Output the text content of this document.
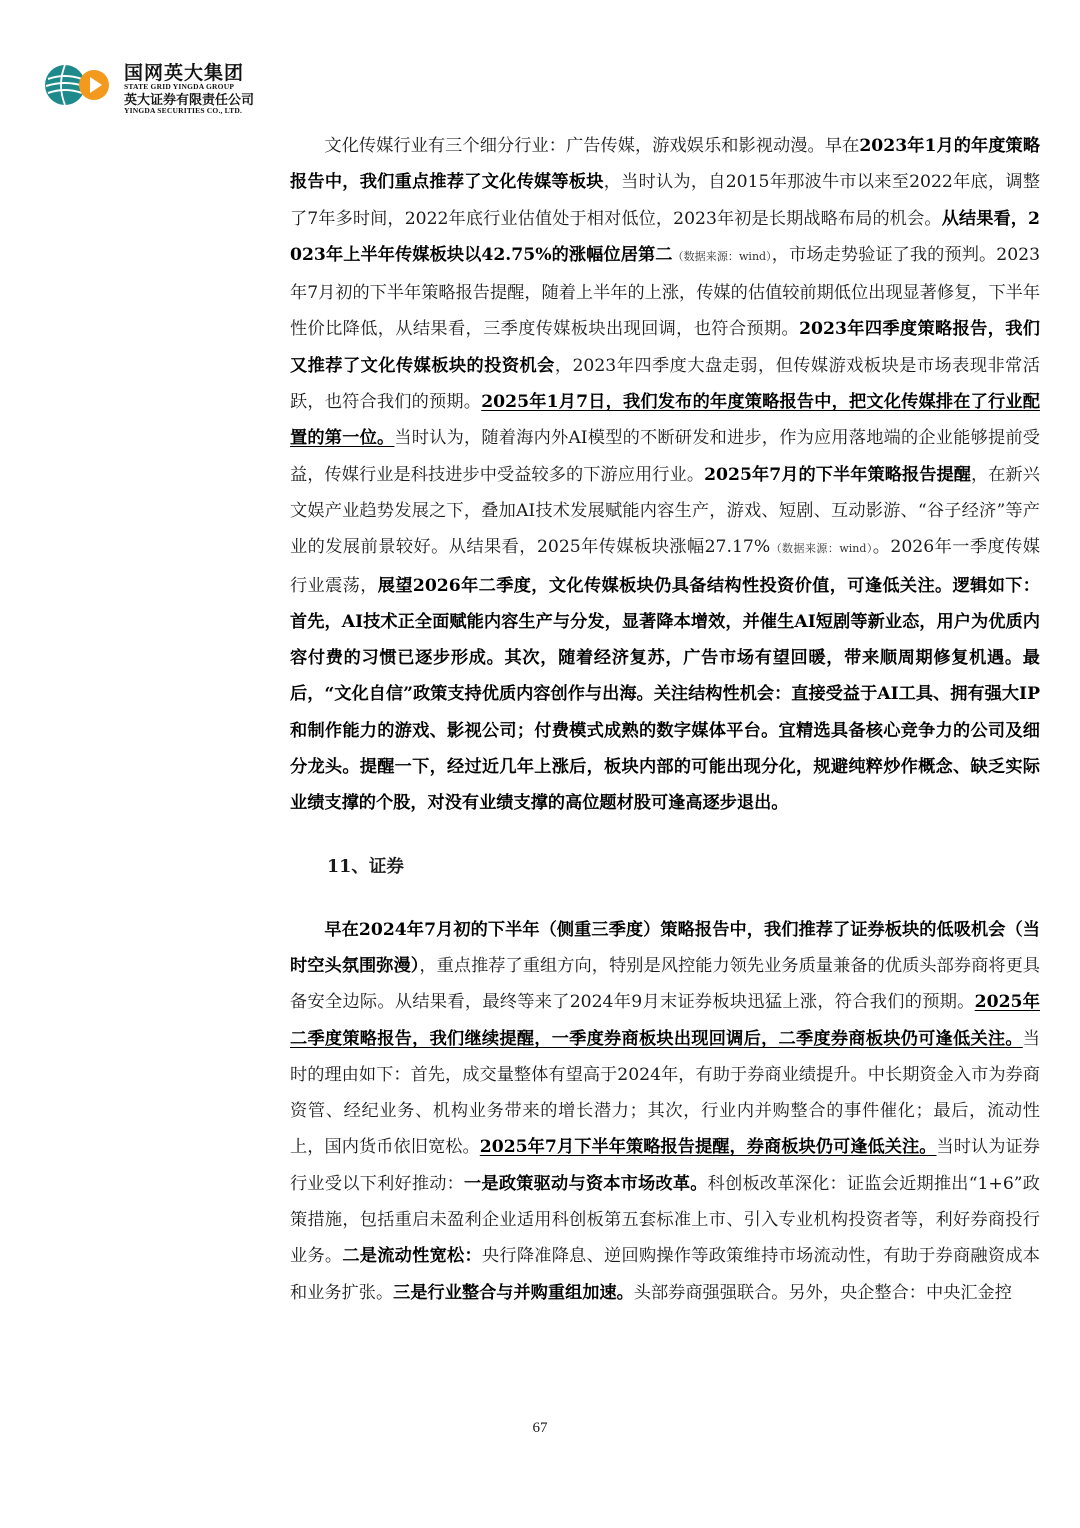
国网英大集团
STATE GRID YINGDA GROUP
英大证券有限责任公司
YINGDA SECURITIES CO., LTD.

文化传媒行业有三个细分行业：广告传媒，游戏娱乐和影视动漫。早在2023年1月的年度策略报告中，我们重点推荐了文化传媒等板块，当时认为，自2015年那波牛市以来至2022年底，调整了7年多时间，2022年底行业估值处于相对低位，2023年初是长期战略布局的机会。从结果看，2023年上半年传媒板块以42.75%的涨幅位居第二（数据来源：wind），市场走势验证了我的预判。2023年7月初的下半年策略报告提醒，随着上半年的上涨，传媒的估值较前期低位出现显著修复，下半年性价比降低，从结果看，三季度传媒板块出现回调，也符合预期。2023年四季度策略报告，我们又推荐了文化传媒板块的投资机会，2023年四季度大盘走弱，但传媒游戏板块是市场表现非常活跃，也符合我们的预期。2025年1月7日，我们发布的年度策略报告中，把文化传媒排在了行业配置的第一位。当时认为，随着海内外AI模型的不断研发和进步，作为应用落地端的企业能够提前受益，传媒行业是科技进步中受益较多的下游应用行业。2025年7月的下半年策略报告提醒，在新兴文娱产业趋势发展之下，叠加AI技术发展赋能内容生产，游戏、短剧、互动影游、“谷子经济”等产业的发展前景较好。从结果看，2025年传媒板块涨幅27.17%（数据来源：wind）。2026年一季度传媒行业震荡，展望2026年二季度，文化传媒板块仍具备结构性投资价值，可逢低关注。逻辑如下：首先，AI技术正全面赋能内容生产与分发，显著降本增效，并催生AI短剧等新业态，用户为优质内容付费的习惯已逐步形成。其次，随着经济复苏，广告市场有望回暖，带来顺周期修复机遇。最后，“文化自信”政策支持优质内容创作与出海。关注结构性机会：直接受益于AI工具、拥有强大IP和制作能力的游戏、影视公司；付费模式成熟的数字媒体平台。宜精选具备核心竞争力的公司及细分龙头。提醒一下，经过近几年上涨后，板块内部的可能出现分化，规避纯粹炒作概念、缺乏实际业绩支撑的个股，对没有业绩支撑的高位题材股可逢高逐步退出。

11、证券

早在2024年7月初的下半年（侧重三季度）策略报告中，我们推荐了证券板块的低吸机会（当时空头氛围弥漫），重点推荐了重组方向，特别是风控能力领先业务质量兼备的优质头部券商将更具备安全边际。从结果看，最终等来了2024年9月末证券板块迅猛上涨，符合我们的预期。2025年二季度策略报告，我们继续提醒，一季度券商板块出现回调后，二季度券商板块仍可逢低关注。当时的理由如下：首先，成交量整体有望高于2024年，有助于券商业绩提升。中长期资金入市为券商资管、经纪业务、机构业务带来的增长潜力；其次，行业内并购整合的事件催化；最后，流动性上，国内货币依旧宽松。2025年7月下半年策略报告提醒，券商板块仍可逢低关注。当时认为证券行业受以下利好推动：一是政策驱动与资本市场改革。科创板改革深化：证监会近期推出“1+6”政策措施，包括重启未盈利企业适用科创板第五套标准上市、引入专业机构投资者等，利好券商投行业务。二是流动性宽松：央行降准降息、逆回购操作等政策维持市场流动性，有助于券商融资成本和业务扩张。三是行业整合与并购重组加速。头部券商强强联合。另外，央企整合：中央汇金控

67
